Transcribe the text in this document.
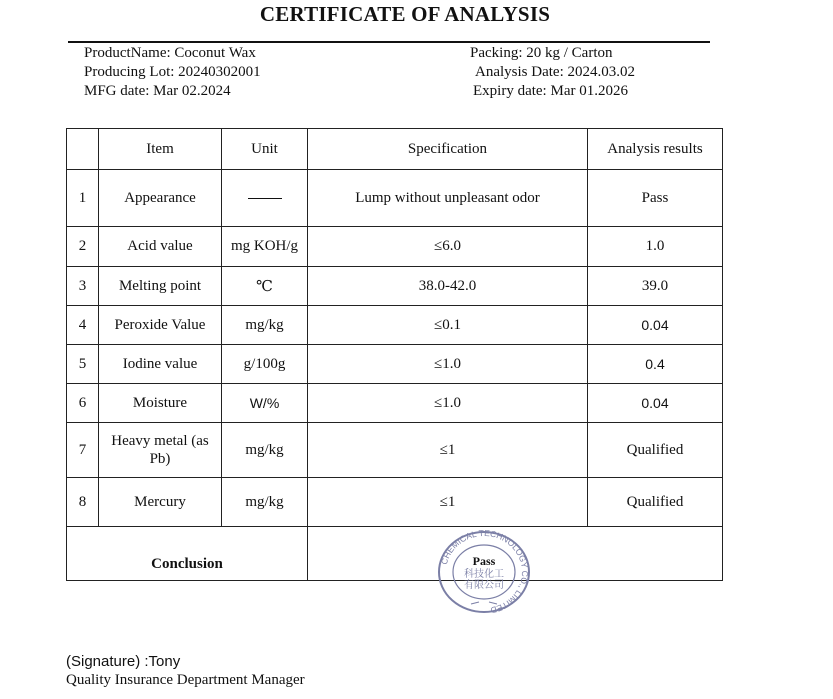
CERTIFICATE OF ANALYSIS
ProductName: Coconut Wax
Producing Lot: 20240302001
MFG date: Mar 02.2024
Packing: 20 kg / Carton
Analysis Date: 2024.03.02
Expiry date: Mar 01.2026
	Item	Unit	Specification	Analysis results
1	Appearance		Lump without unpleasant odor	Pass
2	Acid value	mg KOH/g	≤6.0	1.0
3	Melting point	℃	38.0-42.0	39.0
4	Peroxide Value	mg/kg	≤0.1	0.04
5	Iodine value	g/100g	≤1.0	0.4
6	Moisture	W/%	≤1.0	0.04
7	Heavy metal (as Pb)	mg/kg	≤1	Qualified
8	Mercury	mg/kg	≤1	Qualified
Conclusion					CHEMICAL TECHNOLOGY CO., LIMITED
Pass
科技化工
有限公司
(Signature) :Tony
Quality Insurance Department Manager
